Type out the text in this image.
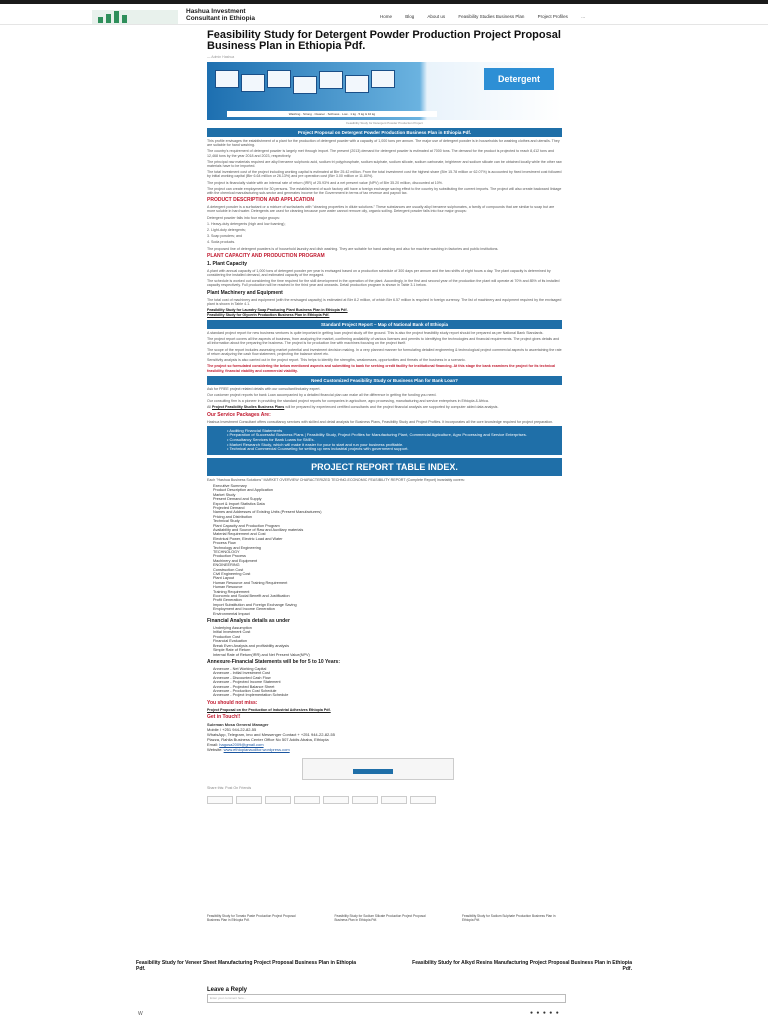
Hashua Investment
Consultant in Ethiopia	Home	Blog	About us	Feasibility Studies Business Plan	Project Profiles	...
Feasibility Study for Detergent Powder Production Project Proposal Business Plan in Ethiopia Pdf.
— Admin Hashua
Detergent
Washing · Strong · Cleaner · Softness · Low · 1 kg · 5 kg & 10 kg
Feasibility Study for Detergent Powder Production Project
Project Proposal on Detergent Powder Production Business Plan in Ethiopia Pdf.
This profile envisages the establishment of a plant for the production of detergent powder with a capacity of 1,000 tons per annum. The major use of detergent powder is in households for washing clothes and utensils. They are suitable for hand washing.
The country's requirement of detergent powder is largely met through import. The present (2013) demand for detergent powder is estimated at 7000 tons. The demand for the product is projected to reach 8,412 tons and 12,468 tons by the year 2018 and 2023, respectively.
The principal raw materials required are alkyl benzene sulphonic acid, sodium tri polyphosphate, sodium sulphate, sodium silicate, sodium carbonate, brightener and sodium silicate can be obtained locally while the other raw materials have to be imported.
The total investment cost of the project including working capital is estimated at Birr 25.42 million. From the total investment cost the highest share (Birr 15.78 million or 62.07%) is accounted by fixed investment cost followed by initial working capital (Birr 6.64 million or 26.13%) and pre operation cost (Birr 3.00 million or 11.80%).
The project is financially viable with an internal rate of return (IRR) of 25.93% and a net present value (NPV) of Birr 35.20 million, discounted at 10%.
The project can create employment for 30 persons. The establishment of such factory will have a foreign exchange saving effect to the country by substituting the current imports. The project will also create backward linkage with the chemical manufacturing sub-sector and generates income for the Government in terms of tax revenue and payroll tax.
PRODUCT DESCRIPTION AND APPLICATION
A detergent powder is a surfactant or a mixture of surfactants with "cleaning properties in dilute solutions." These substances are usually alkyl benzene sulphonates, a family of compounds that are similar to soap but are more soluble in hard water. Detergents are used for cleaning because pure water cannot remove oily, organic soiling. Detergent powder falls into four major groups:
Detergent powder falls into four major groups:
1. Heavy-duty detergents (high and low foaming);
2. Light-duty detergents;
3. Soap powders; and
4. Soda products.
The proposed line of detergent powders is of household laundry and dish washing. They are suitable for hand washing and also for machine washing in factories and public institutions.
PLANT CAPACITY AND PRODUCTION PROGRAM
1. Plant Capacity
A plant with annual capacity of 1,000 tons of detergent powder per year is envisaged based on a production schedule of 300 days per annum and the two shifts of eight hours a day. The plant capacity is determined by considering the installed demand, and estimated capacity of the engaged.
The schedule is worked out considering the time required for the skill development in the operation of the plant. Accordingly, in the first and second year of the production the plant will operate at 70% and 85% of its installed capacity respectively. Full production will be reached in the third year and onwards. Detail production program is shown in Table 3.1 below.
Plant Machinery and Equipment
The total cost of machinery and equipment (with the envisaged capacity) is estimated at Birr 8.2 million, of which Birr 6.57 million is required in foreign currency. The list of machinery and equipment required by the envisaged plant is shown in Table 4.1.
Feasibility Study for Laundry Soap Producing Plant Business Plan in Ethiopia Pdf.
Feasibility Study for Glycerin Production Business Plan in Ethiopia Pdf.
Standard Project Report – Map of National Bank of Ethiopia
A standard project report for new business ventures is quite important in getting loan project study off the ground. This is also the project feasibility study report should be prepared as per National Bank Standards.
The project report covers all the aspects of business, from analyzing the market, confirming availability of various licenses and permits to identifying the technologies and financial requirements. The project gives details and all information about the preparing the business. The project is for production line with machines focusing on the project itself.
The scope of the report includes assessing market potential and investment decision making. In a very planned manner for formulating detailed engineering & technological project commercial aspects to ascertaining the rate of return analyzing the cash flow statement, projecting the balance sheet etc.
Sensitivity analysis is also carried out in the project report. This helps to identify the strengths, weaknesses, opportunities and threats of the business in a scenario.
The project so formulated considering the below mentioned aspects and submitting to bank for seeking credit facility for institutional financing. At this stage the bank examines the project for its technical feasibility, financial viability and commercial viability.
Need Customized Feasibility Study or Business Plan for Bank Loan?
Ask for FREE project related details with our consultant/industry expert.
Our customer project reports for bank Loan accompanied by a detailed financial plan can make all the difference in getting the funding you need.
Our consulting firm is a pioneer in providing the standard project reports for companies in agriculture, agro processing, manufacturing and service enterprises in Ethiopia & Africa.
All Project Feasibility Studies Business Plans will be prepared by experienced certified consultants and the project financial analysis are supported by computer aided data analysis.
Our Service Packages Are:
Hashua Investment Consultant offers consultancy services with skilled and detail analysis for Business Plans, Feasibility Study and Project Profiles. It incorporates all the core knowledge required for project preparation.
• Auditing Financial Statements
• Preparation of Successful Business Plans | Feasibility Study, Project Profiles for Manufacturing Plant, Commercial Agriculture, Agro Processing and Service Enterprises.
• Consultancy Services for Bank Loans for SMEs.
• Market Research Study, which will make it easier for your to start and run your business profitable.
• Technical and Commercial Counseling for setting up new industrial projects with government support.
PROJECT REPORT TABLE INDEX.
Each "Hashua Business Solutions" MARKET OVERVIEW CHARACTERIZED TECHNO-ECONOMIC FEASIBILITY REPORT (Complete Report) invariably covers:
Executive Summary
Product Description and Application
Market Study
Present Demand and Supply
Export & Import Statistics Data
Projected Demand
Names and Addresses of Existing Units (Present Manufacturers)
Pricing and Distribution
Technical Study
Plant Capacity and Production Program
Availability and Source of Raw and Auxiliary materials
Material Requirement and Cost
Electrical Power, Electric Load and Water
Process Flow
Technology and Engineering
TECHNOLOGY
Production Process
Machinery and Equipment
ENGINEERING
Construction Cost
Civil Engineering Cost
Plant Layout
Human Resource and Training Requirement
Human Resource
Training Requirement
Economic and Social Benefit and Justification
Profit Generation
Import Substitution and Foreign Exchange Saving
Employment and Income Generation
Environmental Impact
Financial Analysis details as under
Underlying Assumption
Initial Investment Cost
Production Cost
Financial Evaluation
Break Even Analysis and profitability analysis
Simple Rate of Return
Internal Rate of Return(IRR) and Net Present Value(NPV)
Annexure-Financial Statements will be for 5 to 10 Years:
Annexure - Net Working Capital
Annexure - Initial Investment Cost
Annexure - Discounted Cash Flow
Annexure - Projected Income Statement
Annexure - Projected Balance Sheet
Annexure - Production Cost Schedule
Annexure - Project Implementation Schedule
You should not miss:
Project Proposal on the Production of Industrial Adhesives Ethiopia Pdf.
Get in Touch!!
Suleman Mosa General Manager
Mobile / +251 944-22-82-55
WhatsApp, Telegram, imo and Messenger Contact + +251 944-22-82-55
Piazza, Rahila Business Center Office No 507 Addis Ababa, Ethiopia
Email: hagosa2009@gmail.com
Website: www.ethiopianauditor.wordpress.com
Share this: Post On Friends
Feasibility Study for Tomato Paste Production Project Proposal Business Plan in Ethiopia Pdf.
Feasibility Study for Sodium Silicate Production Project Proposal Business Plan in Ethiopia Pdf.
Feasibility Study for Sodium Sulphate Production Business Plan in Ethiopia Pdf.
Feasibility Study for Veneer Sheet Manufacturing Project Proposal Business Plan in Ethiopia Pdf.
Feasibility Study for Alkyd Resins Manufacturing Project Proposal Business Plan in Ethiopia Pdf.
Leave a Reply
Enter your comment here...
W	● ● ● ● ●
